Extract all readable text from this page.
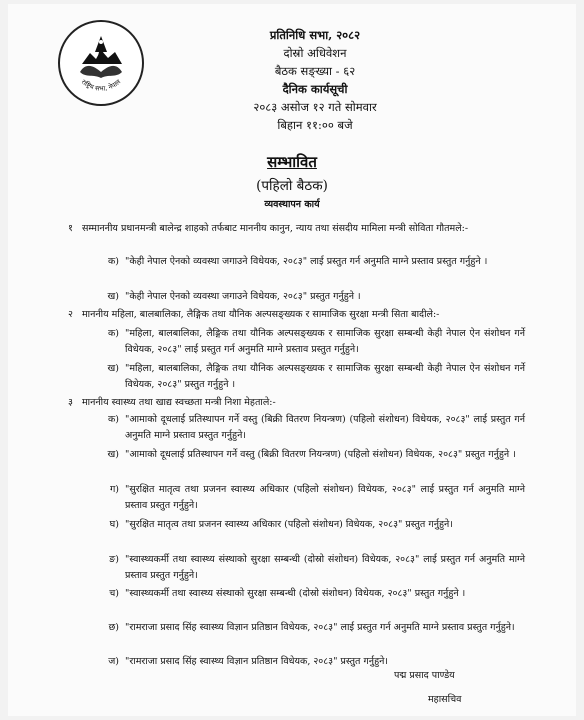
राष्ट्रिय सभा, नेपाल
प्रतिनिधि सभा, २०८२
दोस्रो अधिवेशन
बैठक सङ्ख्या - ६२
दैनिक कार्यसूची
२०८३ असोज १२ गते सोमवार
बिहान ११:०० बजे
सम्भावित
(पहिलो बैठक)
व्यवस्थापन कार्य
१ सम्माननीय प्रधानमन्त्री बालेन्द्र शाहको तर्फबाट माननीय कानुन, न्याय तथा संसदीय मामिला मन्त्री सोविता गौतमले:-
क) "केही नेपाल ऐनको व्यवस्था जगाउने विधेयक, २०८३" लाई प्रस्तुत गर्न अनुमति माग्ने प्रस्ताव प्रस्तुत गर्नुहुने ।
ख) "केही नेपाल ऐनको व्यवस्था जगाउने विधेयक, २०८३" प्रस्तुत गर्नुहुने ।
२ माननीय महिला, बालबालिका, लैङ्गिक तथा यौनिक अल्पसङ्ख्यक र सामाजिक सुरक्षा मन्त्री सिता बादीले:-
क) "महिला, बालबालिका, लैङ्गिक तथा यौनिक अल्पसङ्ख्यक र सामाजिक सुरक्षा सम्बन्धी केही नेपाल ऐन संशोधन गर्ने विधेयक, २०८३" लाई प्रस्तुत गर्न अनुमति माग्ने प्रस्ताव प्रस्तुत गर्नुहुने।
ख) "महिला, बालबालिका, लैङ्गिक तथा यौनिक अल्पसङ्ख्यक र सामाजिक सुरक्षा सम्बन्धी केही नेपाल ऐन संशोधन गर्ने विधेयक, २०८३" प्रस्तुत गर्नुहुने ।
३ माननीय स्वास्थ्य तथा खाद्य स्वच्छता मन्त्री निशा मेहताले:-
क) "आमाको दूधलाई प्रतिस्थापन गर्ने वस्तु (बिक्री वितरण नियन्त्रण) (पहिलो संशोधन) विधेयक, २०८३" लाई प्रस्तुत गर्न अनुमति माग्ने प्रस्ताव प्रस्तुत गर्नुहुने।
ख) "आमाको दूधलाई प्रतिस्थापन गर्ने वस्तु (बिक्री वितरण नियन्त्रण) (पहिलो संशोधन) विधेयक, २०८३" प्रस्तुत गर्नुहुने ।
ग) "सुरक्षित मातृत्व तथा प्रजनन स्वास्थ्य अधिकार (पहिलो संशोधन) विधेयक, २०८३" लाई प्रस्तुत गर्न अनुमति माग्ने प्रस्ताव प्रस्तुत गर्नुहुने।
घ) "सुरक्षित मातृत्व तथा प्रजनन स्वास्थ्य अधिकार (पहिलो संशोधन) विधेयक, २०८३" प्रस्तुत गर्नुहुने।
ङ) "स्वास्थ्यकर्मी तथा स्वास्थ्य संस्थाको सुरक्षा सम्बन्धी (दोस्रो संशोधन) विधेयक, २०८३" लाई प्रस्तुत गर्न अनुमति माग्ने प्रस्ताव प्रस्तुत गर्नुहुने।
च) "स्वास्थ्यकर्मी तथा स्वास्थ्य संस्थाको सुरक्षा सम्बन्धी (दोस्रो संशोधन) विधेयक, २०८३" प्रस्तुत गर्नुहुने ।
छ) "रामराजा प्रसाद सिंह स्वास्थ्य विज्ञान प्रतिष्ठान विधेयक, २०८३" लाई प्रस्तुत गर्न अनुमति माग्ने प्रस्ताव प्रस्तुत गर्नुहुने।
ज) "रामराजा प्रसाद सिंह स्वास्थ्य विज्ञान प्रतिष्ठान विधेयक, २०८३" प्रस्तुत गर्नुहुने।
पद्म प्रसाद पाण्डेय
महासचिव
